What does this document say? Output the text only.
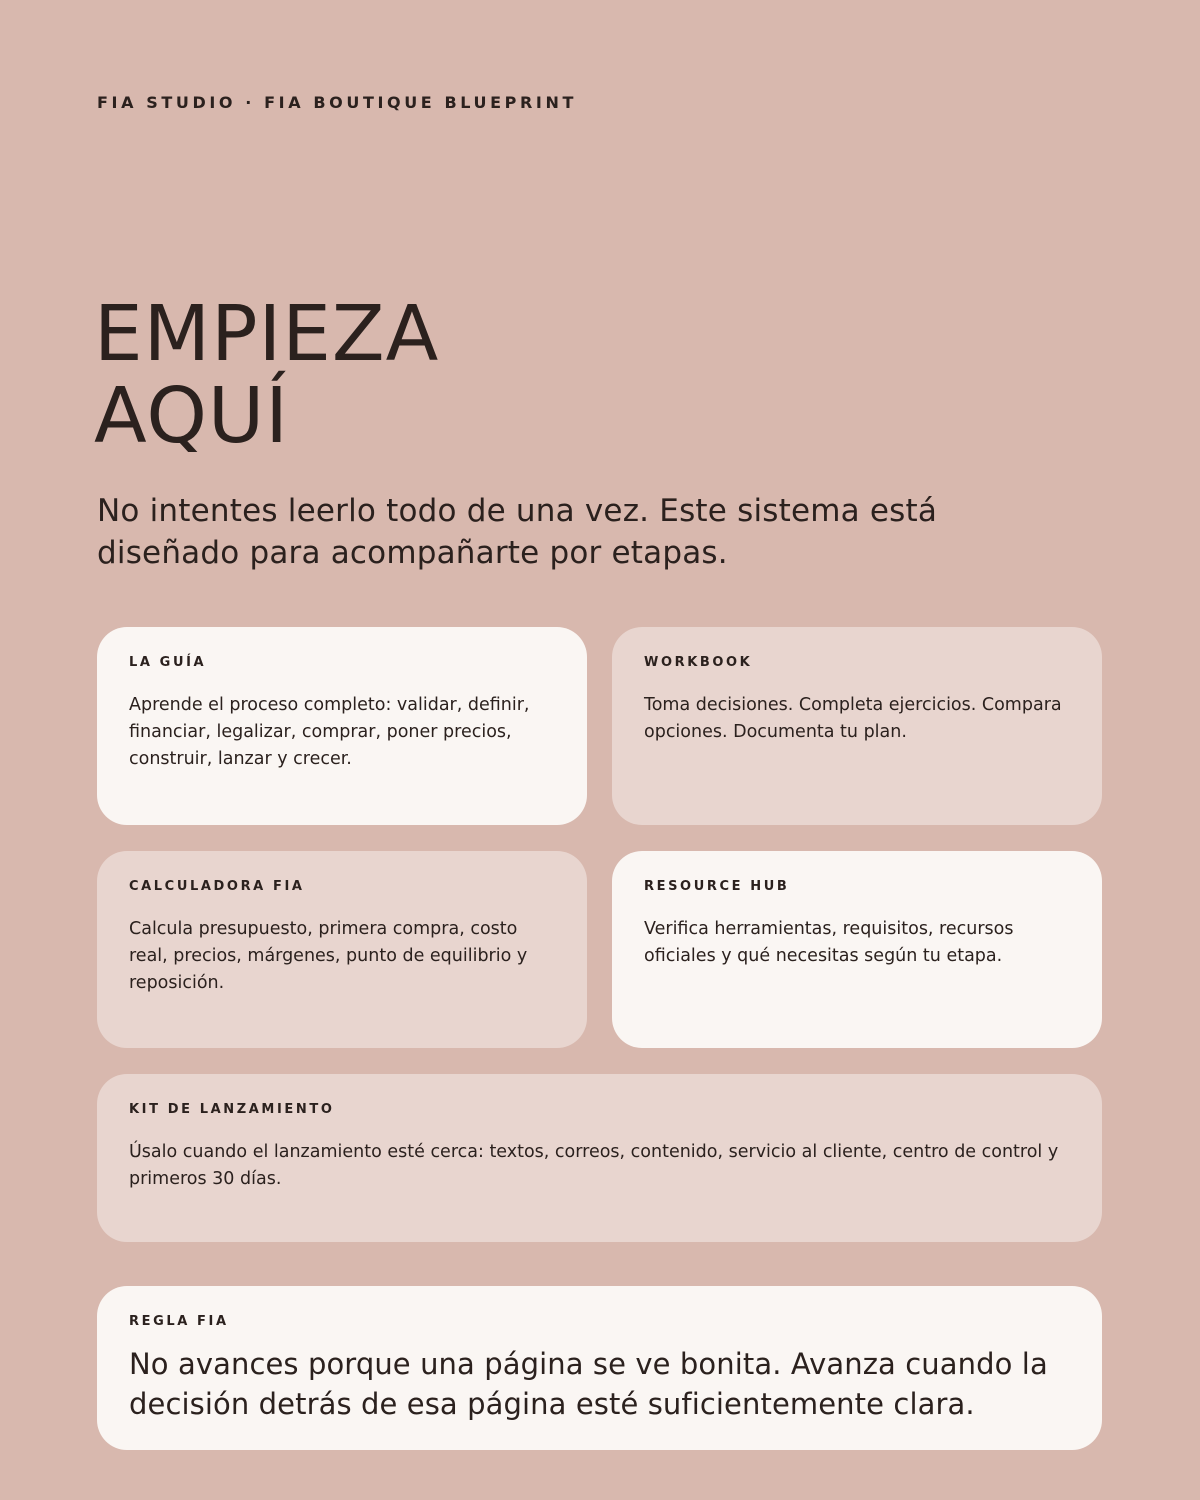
FIA STUDIO · FIA BOUTIQUE BLUEPRINT
EMPIEZA
AQUÍ

No intentes leerlo todo de una vez. Este sistema está diseñado para acompañarte por etapas.

LA GUÍA

Aprende el proceso completo: validar, definir, financiar, legalizar, comprar, poner precios, construir, lanzar y crecer.

WORKBOOK

Toma decisiones. Completa ejercicios. Compara opciones. Documenta tu plan.

CALCULADORA FIA

Calcula presupuesto, primera compra, costo real, precios, márgenes, punto de equilibrio y reposición.

RESOURCE HUB

Verifica herramientas, requisitos, recursos oficiales y qué necesitas según tu etapa.

KIT DE LANZAMIENTO

Úsalo cuando el lanzamiento esté cerca: textos, correos, contenido, servicio al cliente, centro de control y primeros 30 días.

REGLA FIA

No avances porque una página se ve bonita. Avanza cuando la decisión detrás de esa página esté suficientemente clara.
